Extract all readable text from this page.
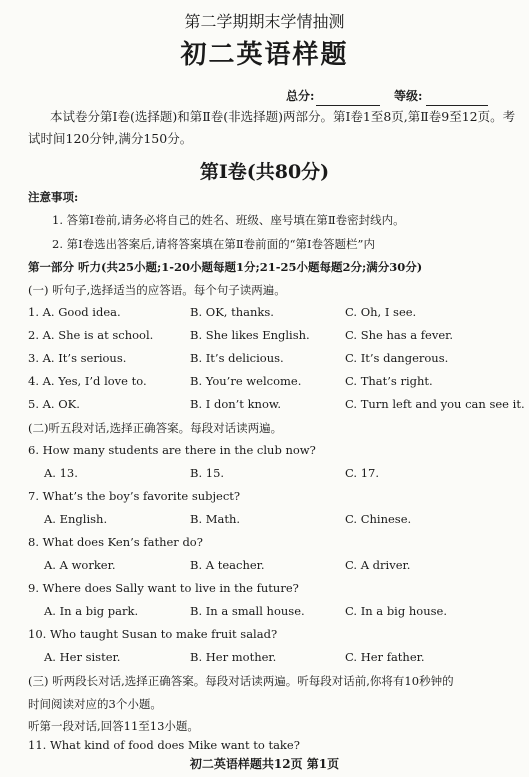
第二学期期末学情抽测
初二英语样题
总分:	等级:
本试卷分第Ⅰ卷(选择题)和第Ⅱ卷(非选择题)两部分。第Ⅰ卷1至8页,第Ⅱ卷9至12页。考试时间120分钟,满分150分。
第Ⅰ卷(共80分)
注意事项:
1. 答第Ⅰ卷前,请务必将自己的姓名、班级、座号填在第Ⅱ卷密封线内。
2. 第Ⅰ卷选出答案后,请将答案填在第Ⅱ卷前面的“第Ⅰ卷答题栏”内
第一部分 听力(共25小题;1-20小题每题1分;21-25小题每题2分;满分30分)
(一) 听句子,选择适当的应答语。每个句子读两遍。
1. A. Good idea.	B. OK, thanks.	C. Oh, I see.
2. A. She is at school.	B. She likes English.	C. She has a fever.
3. A. It’s serious.	B. It’s delicious.	C. It’s dangerous.
4. A. Yes, I’d love to.	B. You’re welcome.	C. That’s right.
5. A. OK.	B. I don’t know.	C. Turn left and you can see it.
(二)听五段对话,选择正确答案。每段对话读两遍。
6. How many students are there in the club now?
A. 13.	B. 15.	C. 17.
7. What’s the boy’s favorite subject?
A. English.	B. Math.	C. Chinese.
8. What does Ken’s father do?
A. A worker.	B. A teacher.	C. A driver.
9. Where does Sally want to live in the future?
A. In a big park.	B. In a small house.	C. In a big house.
10. Who taught Susan to make fruit salad?
A. Her sister.	B. Her mother.	C. Her father.
(三) 听两段长对话,选择正确答案。每段对话读两遍。听每段对话前,你将有10秒钟的
时间阅读对应的3个小题。
听第一段对话,回答11至13小题。
11. What kind of food does Mike want to take?
初二英语样题共12页 第1页
